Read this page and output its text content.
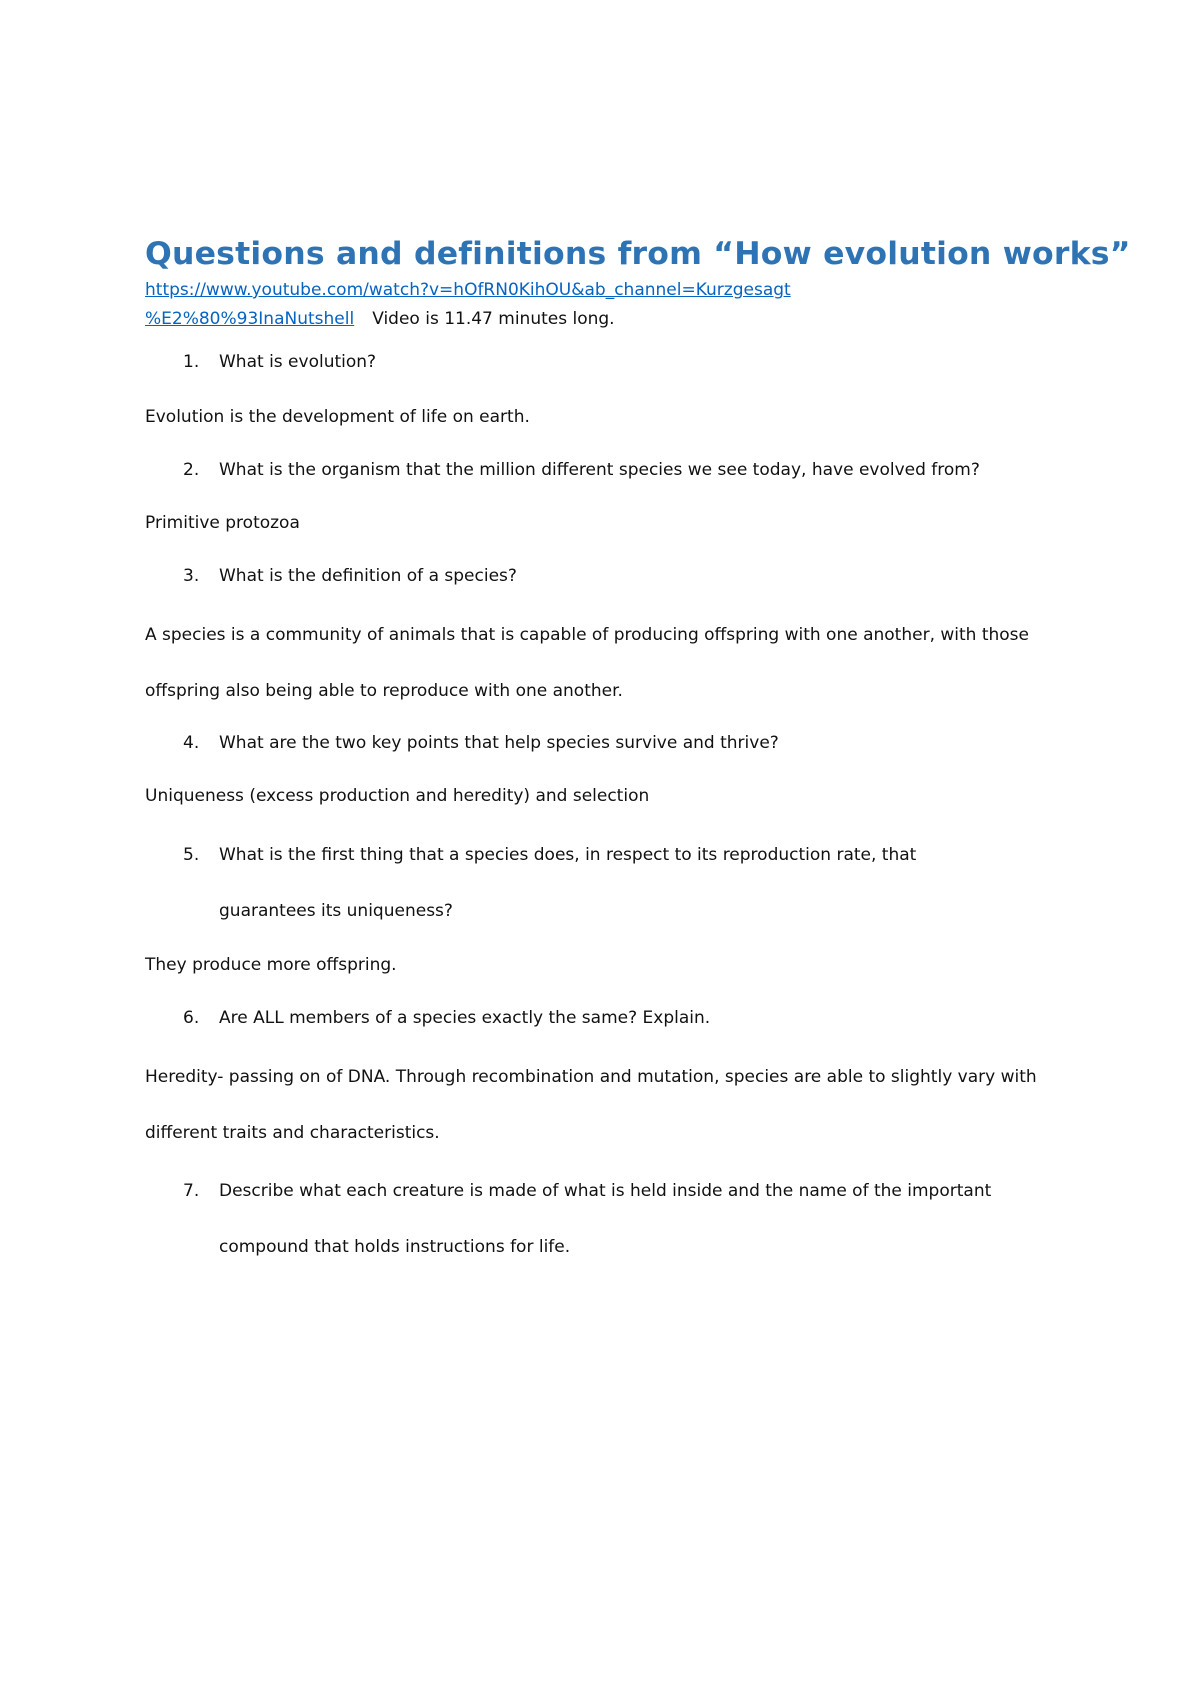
Questions and definitions from “How evolution works”

https://www.youtube.com/watch?v=hOfRN0KihOU&ab_channel=Kurzgesagt

%E2%80%93InaNutshell Video is 11.47 minutes long.

1. What is evolution?

Evolution is the development of life on earth.

2. What is the organism that the million different species we see today, have evolved from?

Primitive protozoa

3. What is the definition of a species?

A species is a community of animals that is capable of producing offspring with one another, with those offspring also being able to reproduce with one another.

4. What are the two key points that help species survive and thrive?

Uniqueness (excess production and heredity) and selection

5. What is the first thing that a species does, in respect to its reproduction rate, that guarantees its uniqueness?

They produce more offspring.

6. Are ALL members of a species exactly the same? Explain.

Heredity- passing on of DNA. Through recombination and mutation, species are able to slightly vary with different traits and characteristics.

7. Describe what each creature is made of what is held inside and the name of the important compound that holds instructions for life.
